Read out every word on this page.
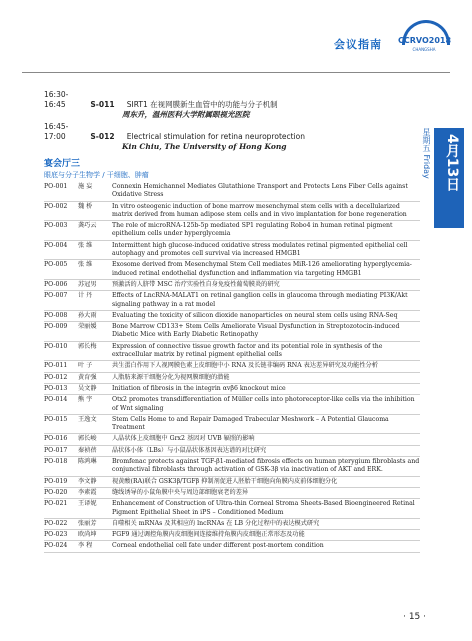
会议指南 CCRVO2018
CHANGSHA
星期五 Friday 4月13日
16:30-16:45	S-011 SIRT1 在视网膜新生血管中的功能与分子机制
周东升，温州医科大学附属眼视光医院
16:45-17:00	S-012 Electrical stimulation for retina neuroprotection
Kin Chiu, The University of Hong Kong
宴会厅三
眼底与分子生物学 / 干细胞、肿瘤
PO-001	施 妄	Connexin Hemichannel Mediates Glutathione Transport and Protects Lens Fiber Cells against Oxidative Stress
PO-002	魏 桥	In vitro osteogenic induction of bone marrow mesenchymal stem cells with a decellularized matrix derived from human adipose stem cells and in vivo implantation for bone regeneration
PO-003	龚巧云	The role of microRNA-125b-5p mediated SP1 regulating Robo4 in human retinal pigment epithelium cells under hyperglycemia
PO-004	张 维	Intermittent high glucose-induced oxidative stress modulates retinal pigmented epithelial cell autophagy and promotes cell survival via increased HMGB1
PO-005	张 维	Exosome derived from Mesenchymal Stem Cell mediates MiR-126 ameliorating hyperglycemia-induced retinal endothelial dysfunction and inflammation via targeting HMGB1
PO-006	苏冠男	预激活的人脐带 MSC 治疗实验性自身免疫性葡萄膜炎的研究
PO-007	计 丹	Effects of LncRNA-MALAT1 on retinal ganglion cells in glaucoma through mediating PI3K/Akt signaling pathway in a rat model
PO-008	孙大雨	Evaluating the toxicity of silicon dioxide nanoparticles on neural stem cells using RNA-Seq
PO-009	荣丽媛	Bone Marrow CD133+ Stem Cells Ameliorate Visual Dysfunction in Streptozotocin-induced Diabetic Mice with Early Diabetic Retinopathy
PO-010	郭长梅	Expression of connective tissue growth factor and its potential role in synthesis of the extracellular matrix by retinal pigment epithelial cells
PO-011	叶 子	共生蛋白作用下人视网膜色素上皮细胞中小 RNA 及长链非编码 RNA 表达差异研究及功能性分析
PO-012	黄育强	人脂肪来源干细胞分化为视网膜细胞的潜能
PO-013	吴文静	Initiation of fibrosis in the integrin αvβ6 knockout mice
PO-014	熊 宇	Otx2 promotes transdifferentiation of Müller cells into photoreceptor-like cells via the inhibition of Wnt signaling
PO-015	王逸文	Stem Cells Home to and Repair Damaged Trabecular Meshwork – A Potential Glaucoma Treatment
PO-016	郭长峻	人晶状体上皮细胞中 Grx2 基因对 UVB 辐照的影响
PO-017	秦祯蓓	晶状体小体（LBs）与小鼠晶状体基因表达谱的对比研究
PO-018	陈鸿琳	Bromfenac protects against TGF-β1-mediated fibrosis effects on human pterygium fibroblasts and conjunctival fibroblasts through activation of GSK-3β via inactivation of AKT and ERK.
PO-019	李文静	视黄酸(RA)联合 GSK3β/TGFβ 抑制剂促进人胚胎干细胞向角膜内皮前体细胞分化
PO-020	李素霞	缝线诱导的小鼠角膜中央与周边部细胞衰老的差异
PO-021	王译妮	Enhancement of Construction of Ultra-thin Corneal Stroma Sheets-Based Bioengineered Retinal Pigment Epithelial Sheet in iPS – Conditioned Medium
PO-022	张丽芳	自噬相关 mRNAs 及其相应的 lncRNAs 在 LB 分化过程中的表达模式研究
PO-023	欧尚坤	FGF9 通过调控角膜内皮细胞间连接维持角膜内皮细胞正常形态及功能
PO-024	李 程	Corneal endothelial cell fate under different post-mortem condition
· 15 ·
